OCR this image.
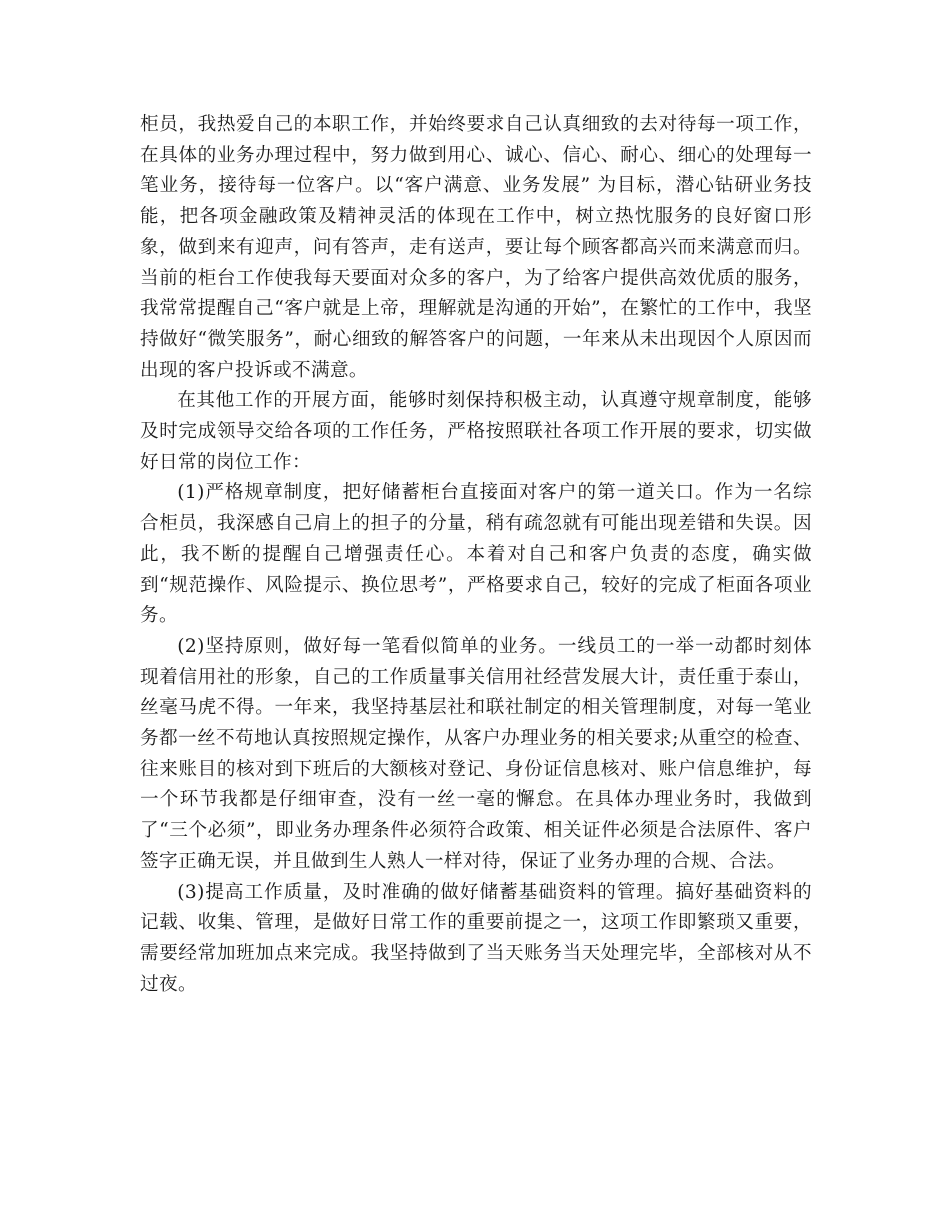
柜员，我热爱自己的本职工作，并始终要求自己认真细致的去对待每一项工作，在具体的业务办理过程中，努力做到用心、诚心、信心、耐心、细心的处理每一笔业务，接待每一位客户。以“客户满意、业务发展” 为目标，潜心钻研业务技能，把各项金融政策及精神灵活的体现在工作中，树立热忱服务的良好窗口形象，做到来有迎声，问有答声，走有送声，要让每个顾客都高兴而来满意而归。当前的柜台工作使我每天要面对众多的客户，为了给客户提供高效优质的服务，我常常提醒自己“客户就是上帝，理解就是沟通的开始”，在繁忙的工作中，我坚持做好“微笑服务”，耐心细致的解答客户的问题，一年来从未出现因个人原因而出现的客户投诉或不满意。

在其他工作的开展方面，能够时刻保持积极主动，认真遵守规章制度，能够及时完成领导交给各项的工作任务，严格按照联社各项工作开展的要求，切实做好日常的岗位工作：

(1)严格规章制度，把好储蓄柜台直接面对客户的第一道关口。作为一名综合柜员，我深感自己肩上的担子的分量，稍有疏忽就有可能出现差错和失误。因此，我不断的提醒自己增强责任心。本着对自己和客户负责的态度，确实做到“规范操作、风险提示、换位思考”，严格要求自己，较好的完成了柜面各项业务。

(2)坚持原则，做好每一笔看似简单的业务。一线员工的一举一动都时刻体现着信用社的形象，自己的工作质量事关信用社经营发展大计，责任重于泰山，丝毫马虎不得。一年来，我坚持基层社和联社制定的相关管理制度，对每一笔业务都一丝不苟地认真按照规定操作，从客户办理业务的相关要求;从重空的检查、往来账目的核对到下班后的大额核对登记、身份证信息核对、账户信息维护，每一个环节我都是仔细审查，没有一丝一毫的懈怠。在具体办理业务时，我做到了“三个必须”，即业务办理条件必须符合政策、相关证件必须是合法原件、客户签字正确无误，并且做到生人熟人一样对待，保证了业务办理的合规、合法。

(3)提高工作质量，及时准确的做好储蓄基础资料的管理。搞好基础资料的记载、收集、管理，是做好日常工作的重要前提之一，这项工作即繁琐又重要，需要经常加班加点来完成。我坚持做到了当天账务当天处理完毕，全部核对从不过夜。
